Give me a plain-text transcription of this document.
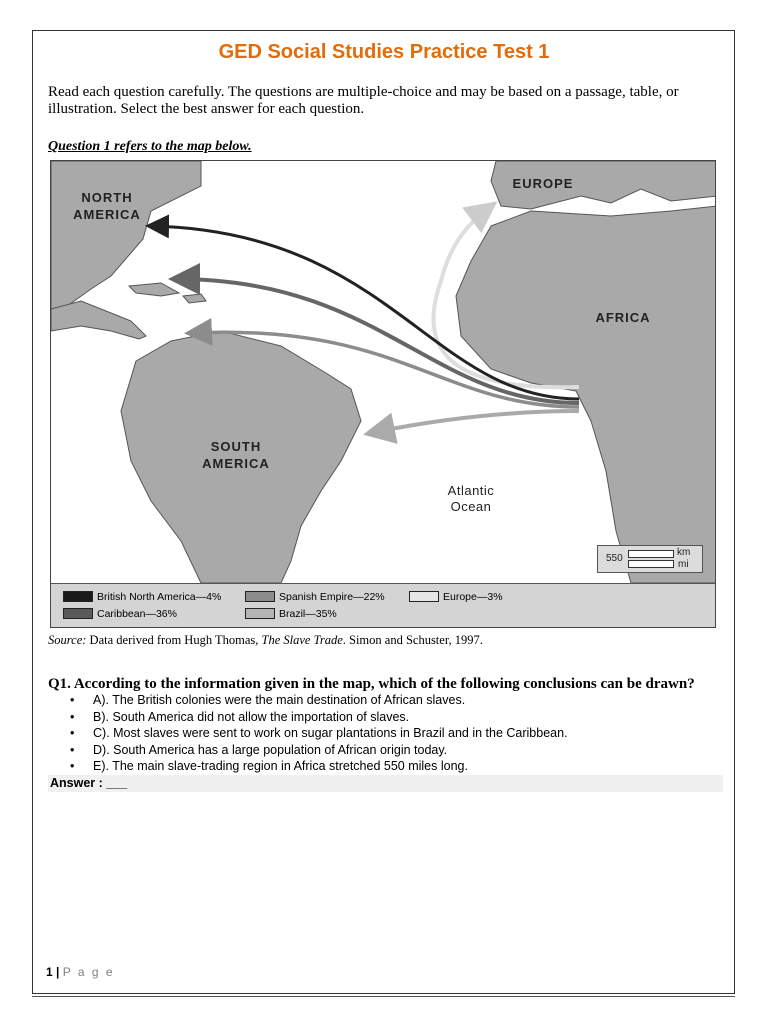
GED Social Studies Practice Test 1
Read each question carefully. The questions are multiple-choice and may be based on a passage, table, or illustration. Select the best answer for each question.
Question 1 refers to the map below.
NORTH AMERICA
EUROPE
AFRICA
SOUTH AMERICA
Atlantic Ocean
550
km
mi
British North America—4%	Spanish Empire—22%	Europe—3%
Caribbean—36%	Brazil—35%
Source: Data derived from Hugh Thomas, The Slave Trade. Simon and Schuster, 1997.
Q1. According to the information given in the map, which of the following conclusions can be drawn?
• A). The British colonies were the main destination of African slaves.
• B). South America did not allow the importation of slaves.
• C). Most slaves were sent to work on sugar plantations in Brazil and in the Caribbean.
• D). South America has a large population of African origin today.
• E). The main slave-trading region in Africa stretched 550 miles long.
Answer : ___
1 | P a g e
